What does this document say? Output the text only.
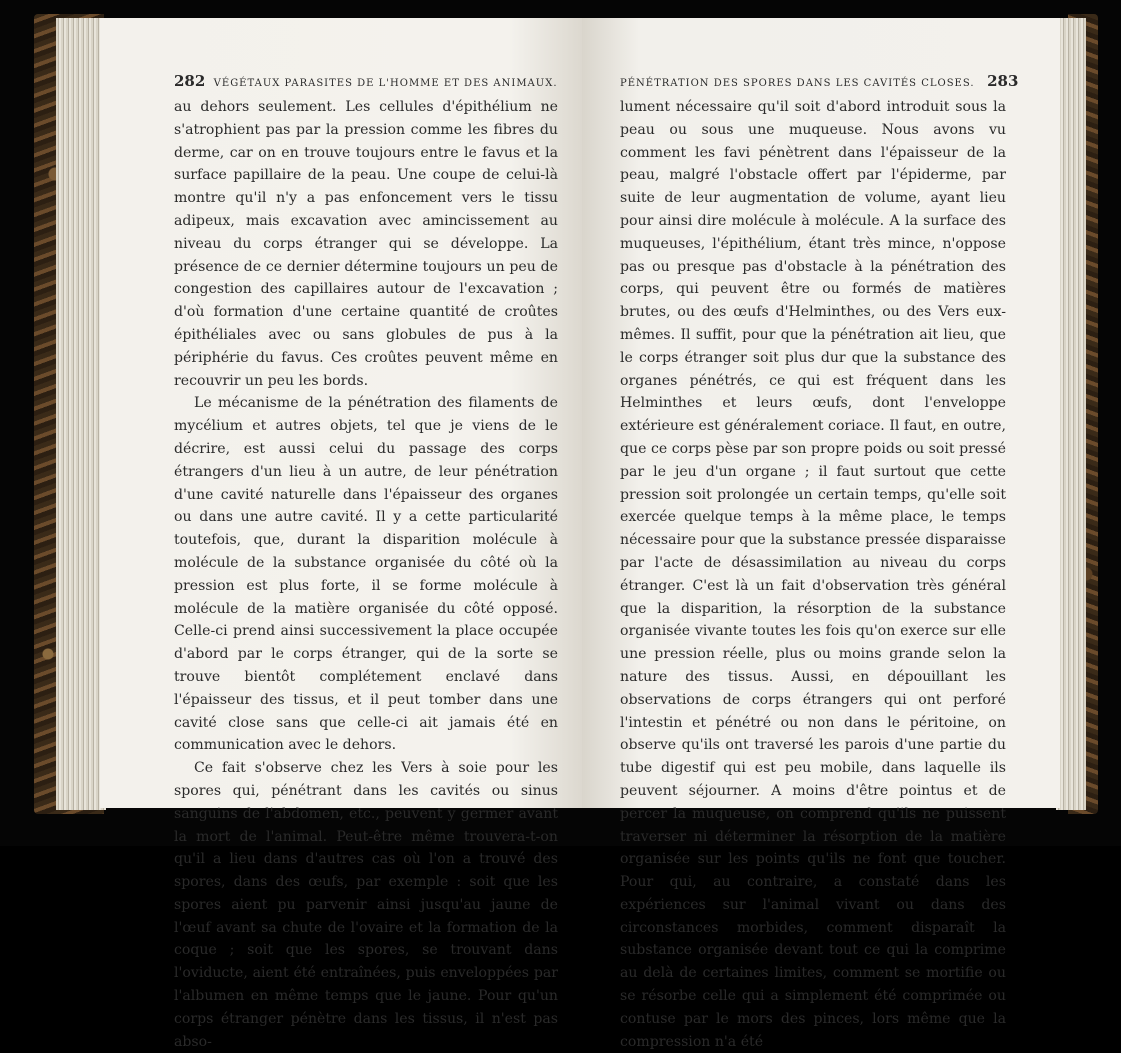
282 VÉGÉTAUX PARASITES DE L'HOMME ET DES ANIMAUX.

au dehors seulement. Les cellules d'épithélium ne s'atrophient pas par la pression comme les fibres du derme, car on en trouve toujours entre le favus et la surface papillaire de la peau. Une coupe de celui-là montre qu'il n'y a pas enfoncement vers le tissu adipeux, mais excavation avec amincissement au niveau du corps étranger qui se développe. La présence de ce dernier détermine toujours un peu de congestion des capillaires autour de l'excavation ; d'où formation d'une certaine quantité de croûtes épithéliales avec ou sans globules de pus à la périphérie du favus. Ces croûtes peuvent même en recouvrir un peu les bords.

Le mécanisme de la pénétration des filaments de mycélium et autres objets, tel que je viens de le décrire, est aussi celui du passage des corps étrangers d'un lieu à un autre, de leur pénétration d'une cavité naturelle dans l'épaisseur des organes ou dans une autre cavité. Il y a cette particularité toutefois, que, durant la disparition molécule à molécule de la substance organisée du côté où la pression est plus forte, il se forme molécule à molécule de la matière organisée du côté opposé. Celle-ci prend ainsi successivement la place occupée d'abord par le corps étranger, qui de la sorte se trouve bientôt complétement enclavé dans l'épaisseur des tissus, et il peut tomber dans une cavité close sans que celle-ci ait jamais été en communication avec le dehors.

Ce fait s'observe chez les Vers à soie pour les spores qui, pénétrant dans les cavités ou sinus sanguins de l'abdomen, etc., peuvent y germer avant la mort de l'animal. Peut-être même trouvera-t-on qu'il a lieu dans d'autres cas où l'on a trouvé des spores, dans des œufs, par exemple : soit que les spores aient pu parvenir ainsi jusqu'au jaune de l'œuf avant sa chute de l'ovaire et la formation de la coque ; soit que les spores, se trouvant dans l'oviducte, aient été entraînées, puis enveloppées par l'albumen en même temps que le jaune. Pour qu'un corps étranger pénètre dans les tissus, il n'est pas abso-

PÉNÉTRATION DES SPORES DANS LES CAVITÉS CLOSES. 283

lument nécessaire qu'il soit d'abord introduit sous la peau ou sous une muqueuse. Nous avons vu comment les favi pénètrent dans l'épaisseur de la peau, malgré l'obstacle offert par l'épiderme, par suite de leur augmentation de volume, ayant lieu pour ainsi dire molécule à molécule. A la surface des muqueuses, l'épithélium, étant très mince, n'oppose pas ou presque pas d'obstacle à la pénétration des corps, qui peuvent être ou formés de matières brutes, ou des œufs d'Helminthes, ou des Vers eux-mêmes. Il suffit, pour que la pénétration ait lieu, que le corps étranger soit plus dur que la substance des organes pénétrés, ce qui est fréquent dans les Helminthes et leurs œufs, dont l'enveloppe extérieure est généralement coriace. Il faut, en outre, que ce corps pèse par son propre poids ou soit pressé par le jeu d'un organe ; il faut surtout que cette pression soit prolongée un certain temps, qu'elle soit exercée quelque temps à la même place, le temps nécessaire pour que la substance pressée disparaisse par l'acte de désassimilation au niveau du corps étranger. C'est là un fait d'observation très général que la disparition, la résorption de la substance organisée vivante toutes les fois qu'on exerce sur elle une pression réelle, plus ou moins grande selon la nature des tissus. Aussi, en dépouillant les observations de corps étrangers qui ont perforé l'intestin et pénétré ou non dans le péritoine, on observe qu'ils ont traversé les parois d'une partie du tube digestif qui est peu mobile, dans laquelle ils peuvent séjourner. A moins d'être pointus et de percer la muqueuse, on comprend qu'ils ne puissent traverser ni déterminer la résorption de la matière organisée sur les points qu'ils ne font que toucher. Pour qui, au contraire, a constaté dans les expériences sur l'animal vivant ou dans des circonstances morbides, comment disparaît la substance organisée devant tout ce qui la comprime au delà de certaines limites, comment se mortifie ou se résorbe celle qui a simplement été comprimée ou contuse par le mors des pinces, lors même que la compression n'a été
